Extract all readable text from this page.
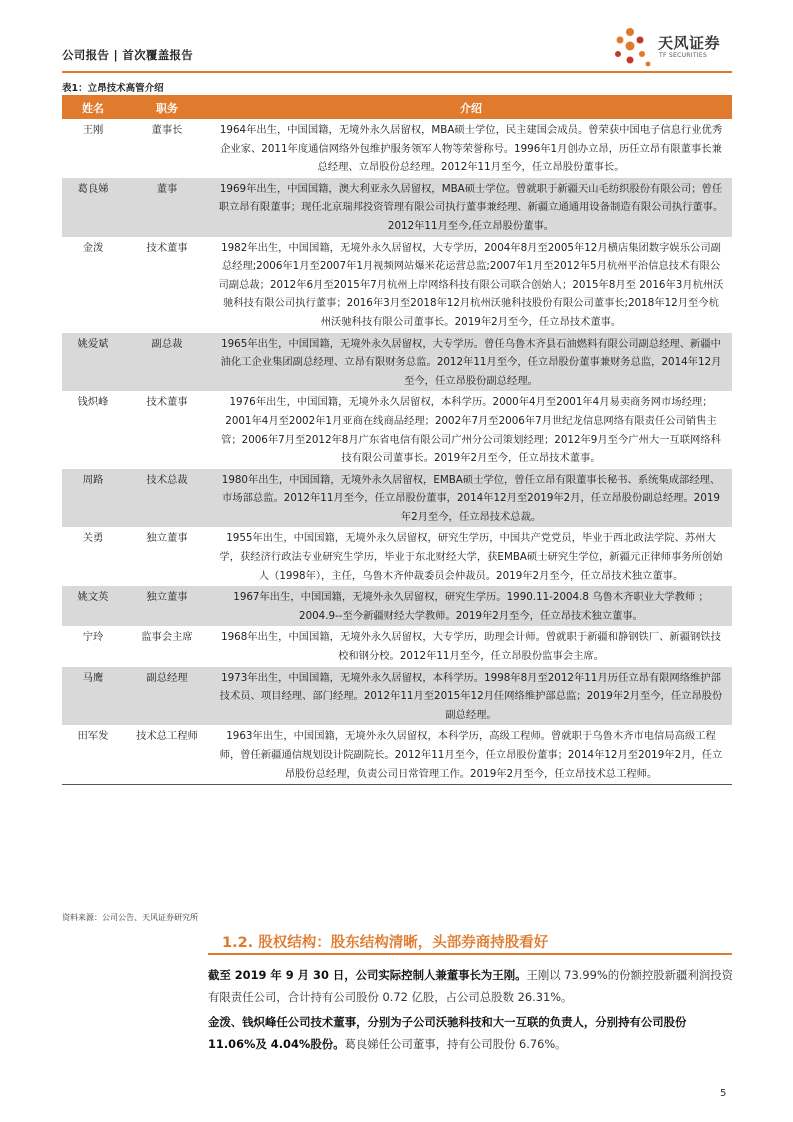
公司报告 | 首次覆盖报告
天风证券
TF SECURITIES
表1：立昂技术高管介绍
姓名	职务	介绍
王刚	董事长	1964年出生，中国国籍，无境外永久居留权，MBA硕士学位，民主建国会成员。曾荣获中国电子信息行业优秀企业家、2011年度通信网络外包维护服务领军人物等荣誉称号。1996年1月创办立昂，历任立昂有限董事长兼总经理、立昂股份总经理。2012年11月至今，任立昂股份董事长。
葛良娣	董事	1969年出生，中国国籍，澳大利亚永久居留权，MBA硕士学位。曾就职于新疆天山毛纺织股份有限公司；曾任职立昂有限董事；现任北京瑞邦投资管理有限公司执行董事兼经理、新疆立通通用设备制造有限公司执行董事。2012年11月至今,任立昂股份董事。
金泼	技术董事	1982年出生，中国国籍，无境外永久居留权，大专学历，2004年8月至2005年12月横店集团数字娱乐公司副总经理;2006年1月至2007年1月视频网站爆米花运营总监;2007年1月至2012年5月杭州平治信息技术有限公司副总裁；2012年6月至2015年7月杭州上岸网络科技有限公司联合创始人；2015年8月至 2016年3月杭州沃驰科技有限公司执行董事；2016年3月至2018年12月杭州沃驰科技股份有限公司董事长;2018年12月至今杭州沃驰科技有限公司董事长。2019年2月至今，任立昂技术董事。
姚爱斌	副总裁	1965年出生，中国国籍，无境外永久居留权，大专学历。曾任乌鲁木齐县石油燃料有限公司副总经理、新疆中油化工企业集团副总经理、立昂有限财务总监。2012年11月至今，任立昂股份董事兼财务总监，2014年12月至今，任立昂股份副总经理。
钱炽峰	技术董事	1976年出生，中国国籍，无境外永久居留权，本科学历。2000年4月至2001年4月易卖商务网市场经理；2001年4月至2002年1月亚商在线商品经理；2002年7月至2006年7月世纪龙信息网络有限责任公司销售主管；2006年7月至2012年8月广东省电信有限公司广州分公司策划经理；2012年9月至今广州大一互联网络科技有限公司董事长。2019年2月至今，任立昂技术董事。
周路	技术总裁	1980年出生，中国国籍，无境外永久居留权，EMBA硕士学位，曾任立昂有限董事长秘书、系统集成部经理、市场部总监。2012年11月至今，任立昂股份董事，2014年12月至2019年2月，任立昂股份副总经理。2019年2月至今，任立昂技术总裁。
关勇	独立董事	1955年出生，中国国籍，无境外永久居留权，研究生学历，中国共产党党员，毕业于西北政法学院、苏州大学，获经济行政法专业研究生学历，毕业于东北财经大学，获EMBA硕士研究生学位，新疆元正律师事务所创始人（1998年），主任，乌鲁木齐仲裁委员会仲裁员。2019年2月至今，任立昂技术独立董事。
姚文英	独立董事	1967年出生，中国国籍，无境外永久居留权，研究生学历。1990.11-2004.8 乌鲁木齐职业大学教师 ； 2004.9--至今新疆财经大学教师。2019年2月至今，任立昂技术独立董事。
宁玲	监事会主席	1968年出生，中国国籍，无境外永久居留权，大专学历，助理会计师。曾就职于新疆和静钢铁厂、新疆钢铁技校和钢分校。2012年11月至今，任立昂股份监事会主席。
马鹰	副总经理	1973年出生，中国国籍，无境外永久居留权，本科学历。1998年8月至2012年11月历任立昂有限网络维护部技术员、项目经理、部门经理。2012年11月至2015年12月任网络维护部总监；2019年2月至今，任立昂股份副总经理。
田军发	技术总工程师	1963年出生，中国国籍，无境外永久居留权，本科学历，高级工程师。曾就职于乌鲁木齐市电信局高级工程师，曾任新疆通信规划设计院副院长。2012年11月至今，任立昂股份董事；2014年12月至2019年2月，任立昂股份总经理，负责公司日常管理工作。2019年2月至今，任立昂技术总工程师。
资料来源：公司公告、天风证券研究所
1.2. 股权结构：股东结构清晰，头部券商持股看好
截至 2019 年 9 月 30 日，公司实际控制人兼董事长为王刚。王刚以 73.99%的份额控股新疆利润投资有限责任公司，合计持有公司股份 0.72 亿股，占公司总股数 26.31%。
金泼、钱炽峰任公司技术董事，分别为子公司沃驰科技和大一互联的负责人，分别持有公司股份 11.06%及 4.04%股份。葛良娣任公司董事，持有公司股份 6.76%。
5
